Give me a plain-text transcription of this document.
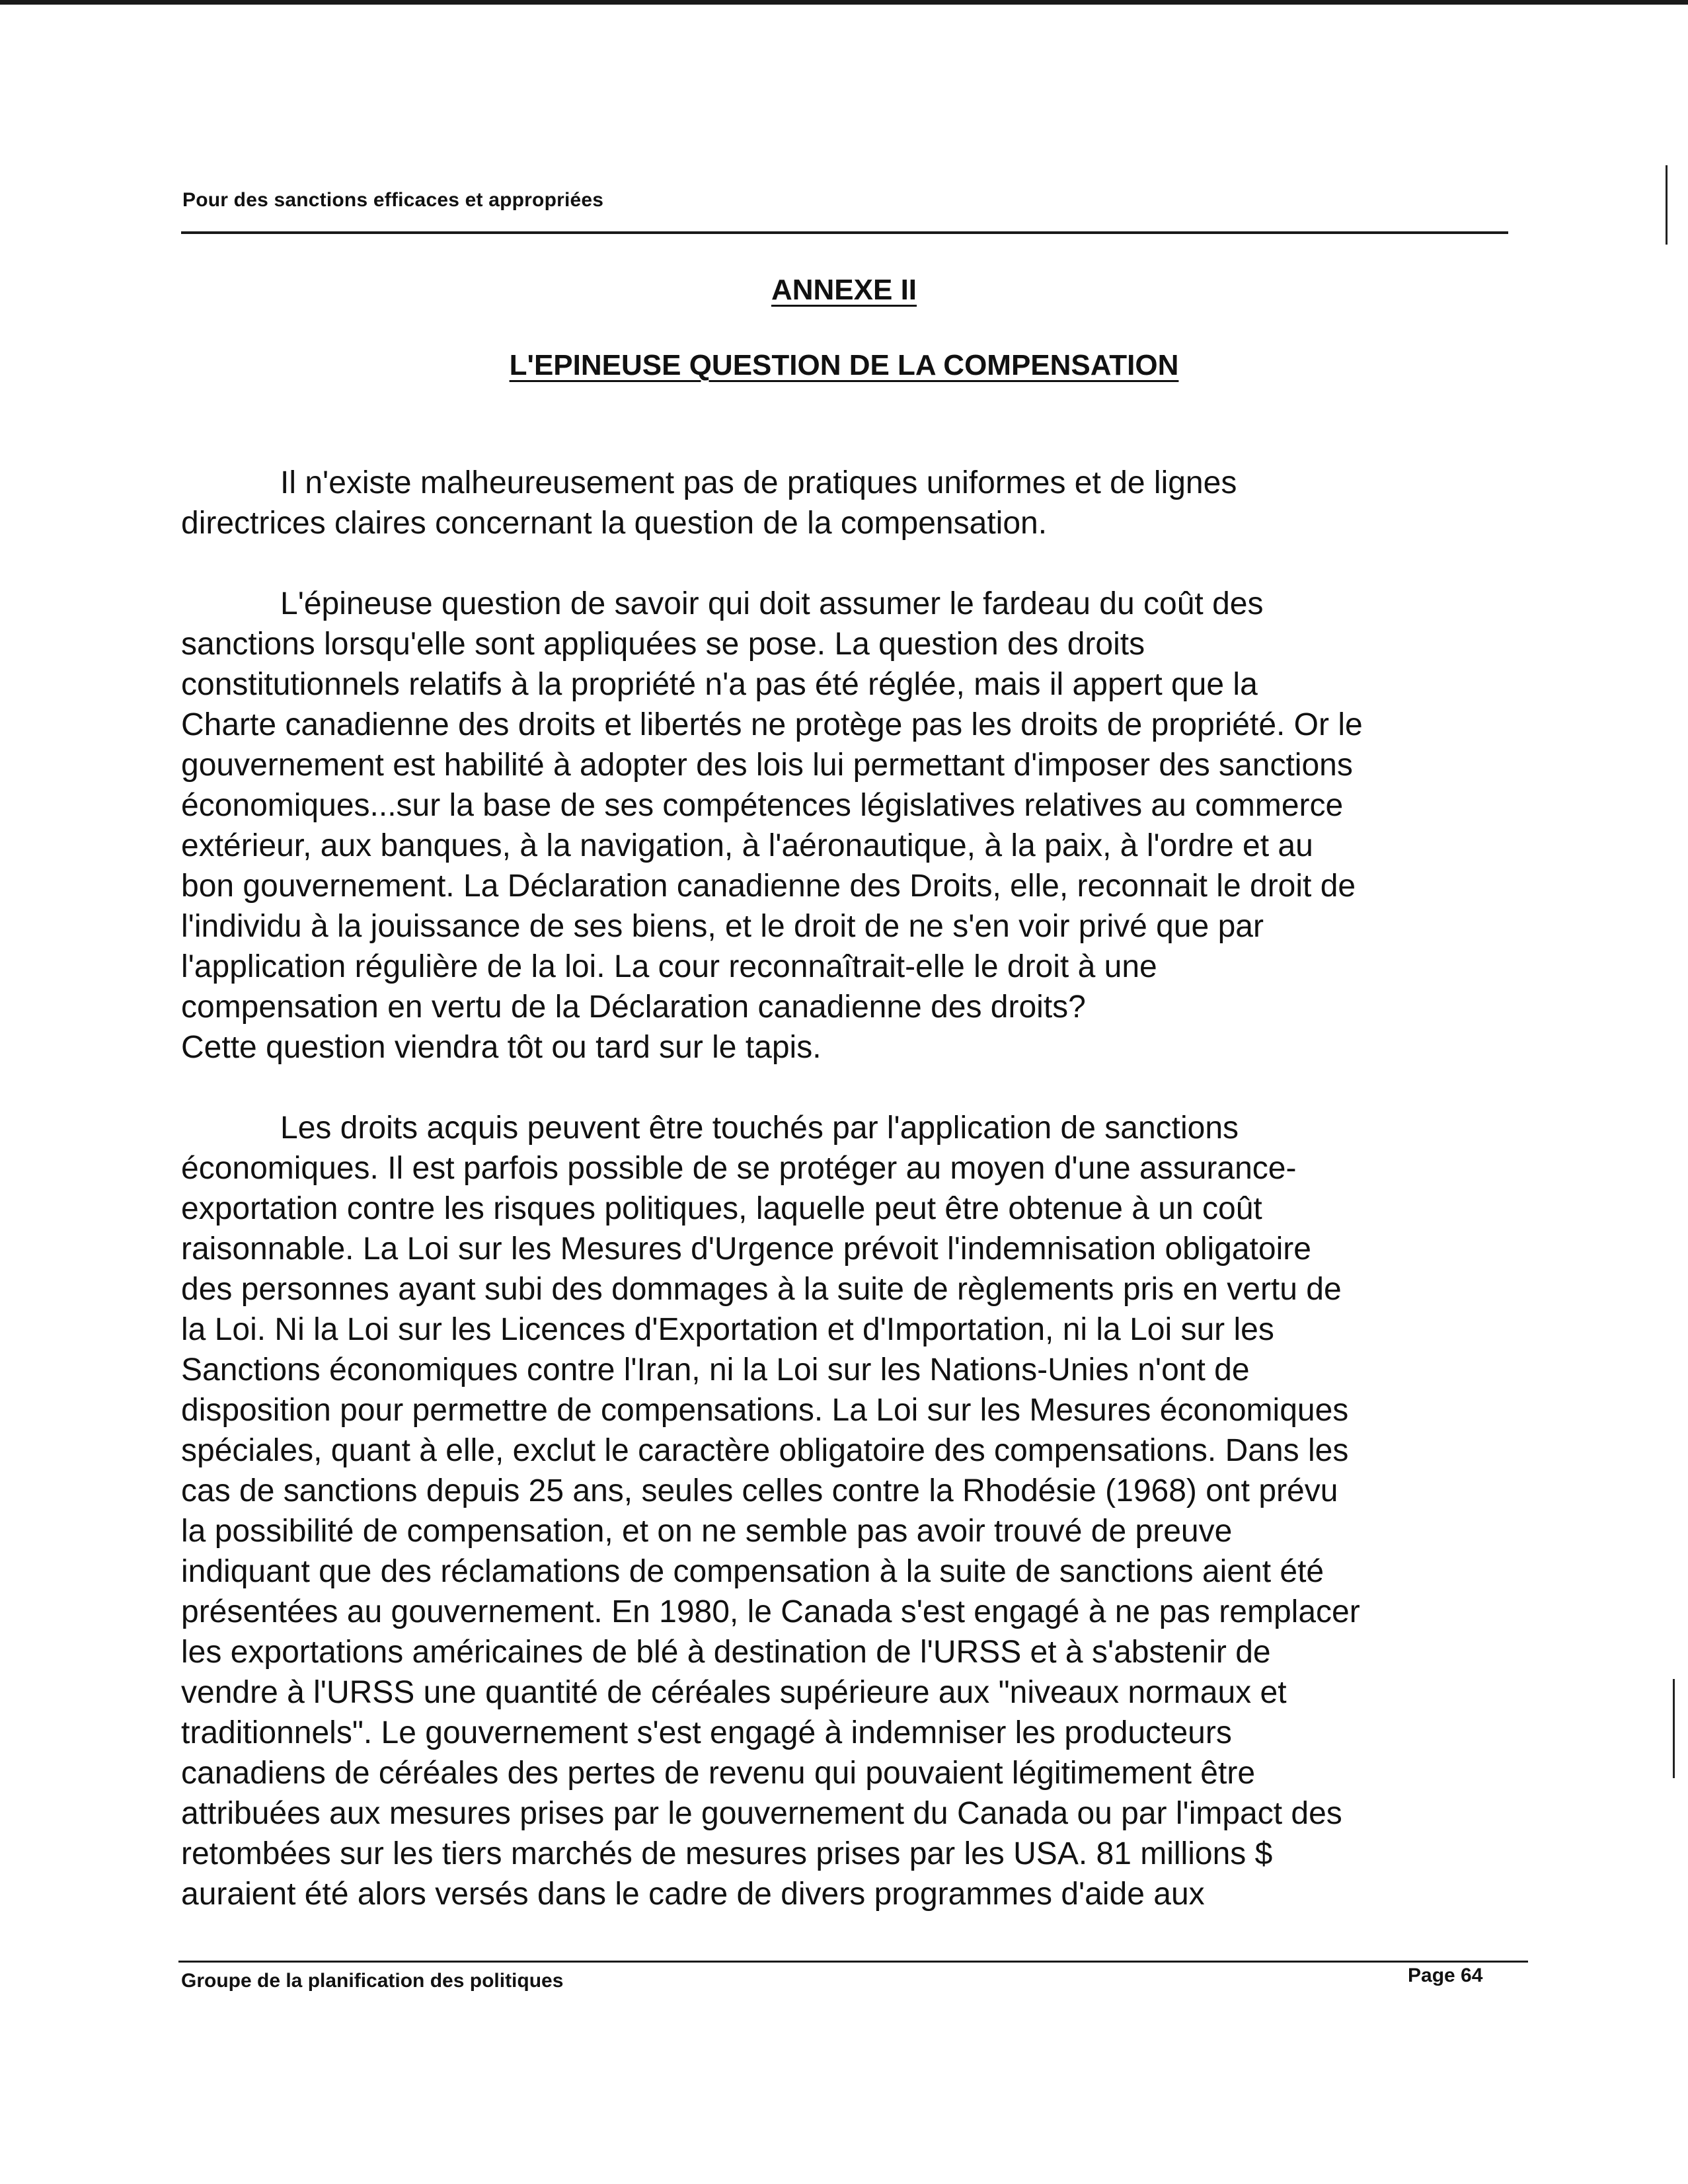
Pour des sanctions efficaces et appropriées
ANNEXE II
L'EPINEUSE QUESTION DE LA COMPENSATION

Il n'existe malheureusement pas de pratiques uniformes et de lignes
directrices claires concernant la question de la compensation.

L'épineuse question de savoir qui doit assumer le fardeau du coût des
sanctions lorsqu'elle sont appliquées se pose. La question des droits
constitutionnels relatifs à la propriété n'a pas été réglée, mais il appert que la
Charte canadienne des droits et libertés ne protège pas les droits de propriété. Or le
gouvernement est habilité à adopter des lois lui permettant d'imposer des sanctions
économiques...sur la base de ses compétences législatives relatives au commerce
extérieur, aux banques, à la navigation, à l'aéronautique, à la paix, à l'ordre et au
bon gouvernement. La Déclaration canadienne des Droits, elle, reconnait le droit de
l'individu à la jouissance de ses biens, et le droit de ne s'en voir privé que par
l'application régulière de la loi. La cour reconnaîtrait-elle le droit à une
compensation en vertu de la Déclaration canadienne des droits?
Cette question viendra tôt ou tard sur le tapis.

Les droits acquis peuvent être touchés par l'application de sanctions
économiques. Il est parfois possible de se protéger au moyen d'une assurance-
exportation contre les risques politiques, laquelle peut être obtenue à un coût
raisonnable. La Loi sur les Mesures d'Urgence prévoit l'indemnisation obligatoire
des personnes ayant subi des dommages à la suite de règlements pris en vertu de
la Loi. Ni la Loi sur les Licences d'Exportation et d'Importation, ni la Loi sur les
Sanctions économiques contre l'Iran, ni la Loi sur les Nations-Unies n'ont de
disposition pour permettre de compensations. La Loi sur les Mesures économiques
spéciales, quant à elle, exclut le caractère obligatoire des compensations. Dans les
cas de sanctions depuis 25 ans, seules celles contre la Rhodésie (1968) ont prévu
la possibilité de compensation, et on ne semble pas avoir trouvé de preuve
indiquant que des réclamations de compensation à la suite de sanctions aient été
présentées au gouvernement. En 1980, le Canada s'est engagé à ne pas remplacer
les exportations américaines de blé à destination de l'URSS et à s'abstenir de
vendre à l'URSS une quantité de céréales supérieure aux "niveaux normaux et
traditionnels". Le gouvernement s'est engagé à indemniser les producteurs
canadiens de céréales des pertes de revenu qui pouvaient légitimement être
attribuées aux mesures prises par le gouvernement du Canada ou par l'impact des
retombées sur les tiers marchés de mesures prises par les USA. 81 millions $
auraient été alors versés dans le cadre de divers programmes d'aide aux

Groupe de la planification des politiques	Page 64
